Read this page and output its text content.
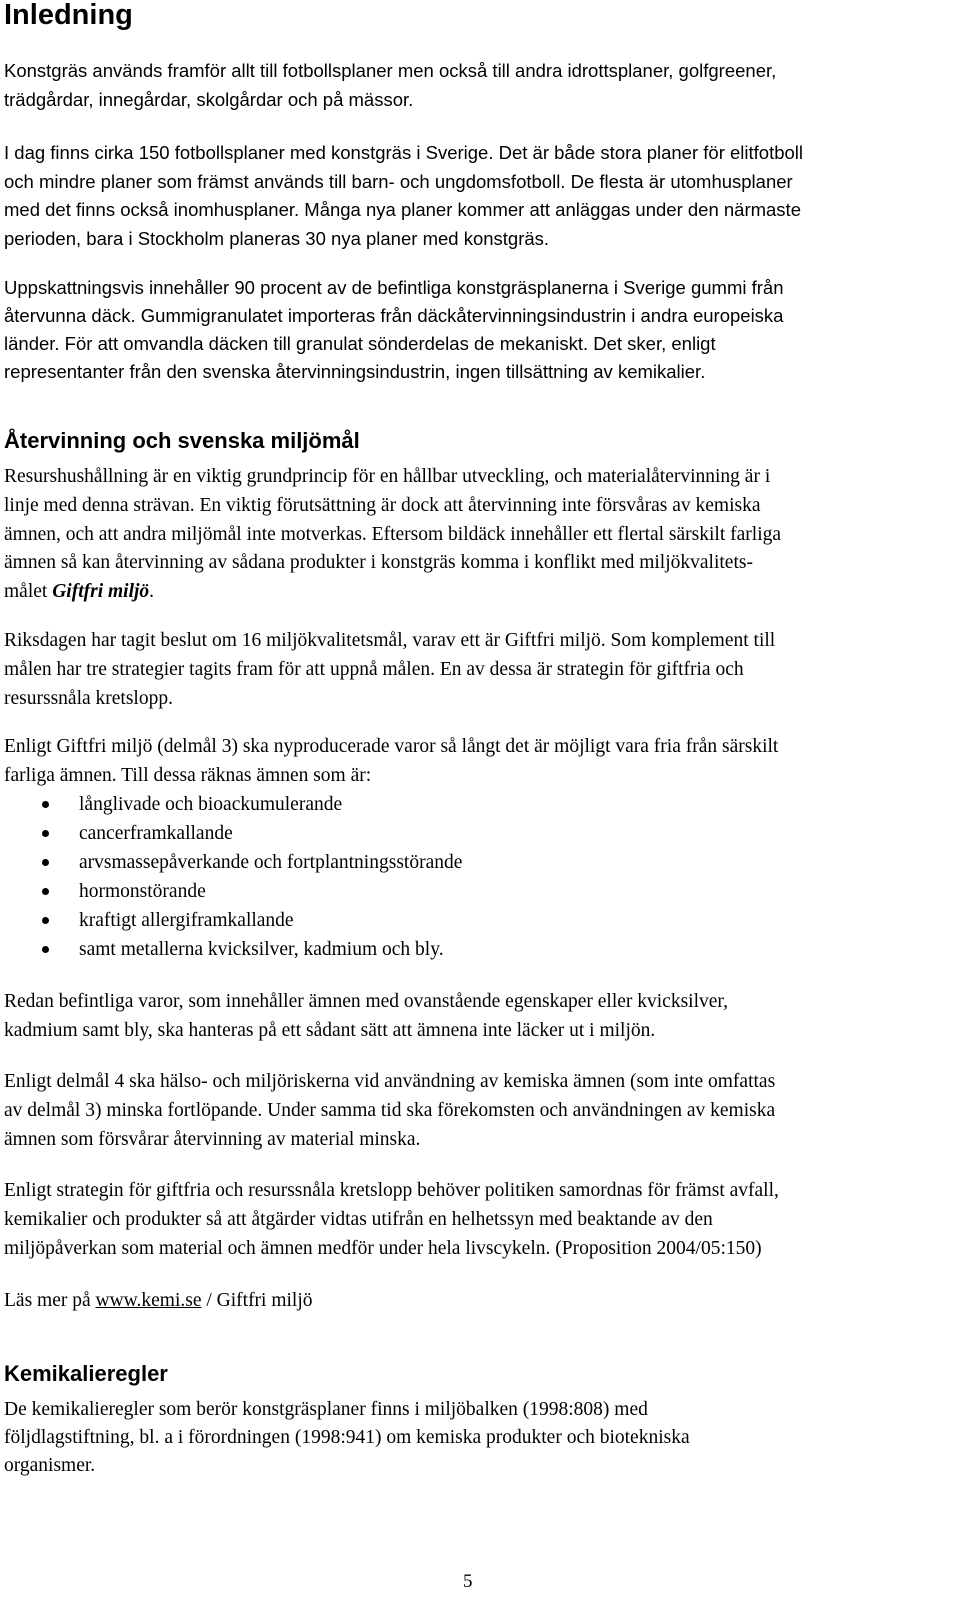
Inledning

Konstgräs används framför allt till fotbollsplaner men också till andra idrottsplaner, golfgreener,
trädgårdar, innegårdar, skolgårdar och på mässor.

I dag finns cirka 150 fotbollsplaner med konstgräs i Sverige. Det är både stora planer för elitfotboll
och mindre planer som främst används till barn- och ungdomsfotboll. De flesta är utomhusplaner
med det finns också inomhusplaner. Många nya planer kommer att anläggas under den närmaste
perioden, bara i Stockholm planeras 30 nya planer med konstgräs.

Uppskattningsvis innehåller 90 procent av de befintliga konstgräsplanerna i Sverige gummi från
återvunna däck. Gummigranulatet importeras från däckåtervinningsindustrin i andra europeiska
länder. För att omvandla däcken till granulat sönderdelas de mekaniskt. Det sker, enligt
representanter från den svenska återvinningsindustrin, ingen tillsättning av kemikalier.

Återvinning och svenska miljömål

Resurshushållning är en viktig grundprincip för en hållbar utveckling, och materialåtervinning är i
linje med denna strävan. En viktig förutsättning är dock att återvinning inte försvåras av kemiska
ämnen, och att andra miljömål inte motverkas. Eftersom bildäck innehåller ett flertal särskilt farliga
ämnen så kan återvinning av sådana produkter i konstgräs komma i konflikt med miljökvalitets-
målet Giftfri miljö.

Riksdagen har tagit beslut om 16 miljökvalitetsmål, varav ett är Giftfri miljö. Som komplement till
målen har tre strategier tagits fram för att uppnå målen. En av dessa är strategin för giftfria och
resurssnåla kretslopp.

Enligt Giftfri miljö (delmål 3) ska nyproducerade varor så långt det är möjligt vara fria från särskilt
farliga ämnen. Till dessa räknas ämnen som är:

långlivade och bioackumulerande
cancerframkallande
arvsmassepåverkande och fortplantningsstörande
hormonstörande
kraftigt allergiframkallande
samt metallerna kvicksilver, kadmium och bly.

Redan befintliga varor, som innehåller ämnen med ovanstående egenskaper eller kvicksilver,
kadmium samt bly, ska hanteras på ett sådant sätt att ämnena inte läcker ut i miljön.

Enligt delmål 4 ska hälso- och miljöriskerna vid användning av kemiska ämnen (som inte omfattas
av delmål 3) minska fortlöpande. Under samma tid ska förekomsten och användningen av kemiska
ämnen som försvårar återvinning av material minska.

Enligt strategin för giftfria och resurssnåla kretslopp behöver politiken samordnas för främst avfall,
kemikalier och produkter så att åtgärder vidtas utifrån en helhetssyn med beaktande av den
miljöpåverkan som material och ämnen medför under hela livscykeln. (Proposition 2004/05:150)

Läs mer på www.kemi.se / Giftfri miljö

Kemikalieregler

De kemikalieregler som berör konstgräsplaner finns i miljöbalken (1998:808) med
följdlagstiftning, bl. a i förordningen (1998:941) om kemiska produkter och biotekniska
organismer.

5
